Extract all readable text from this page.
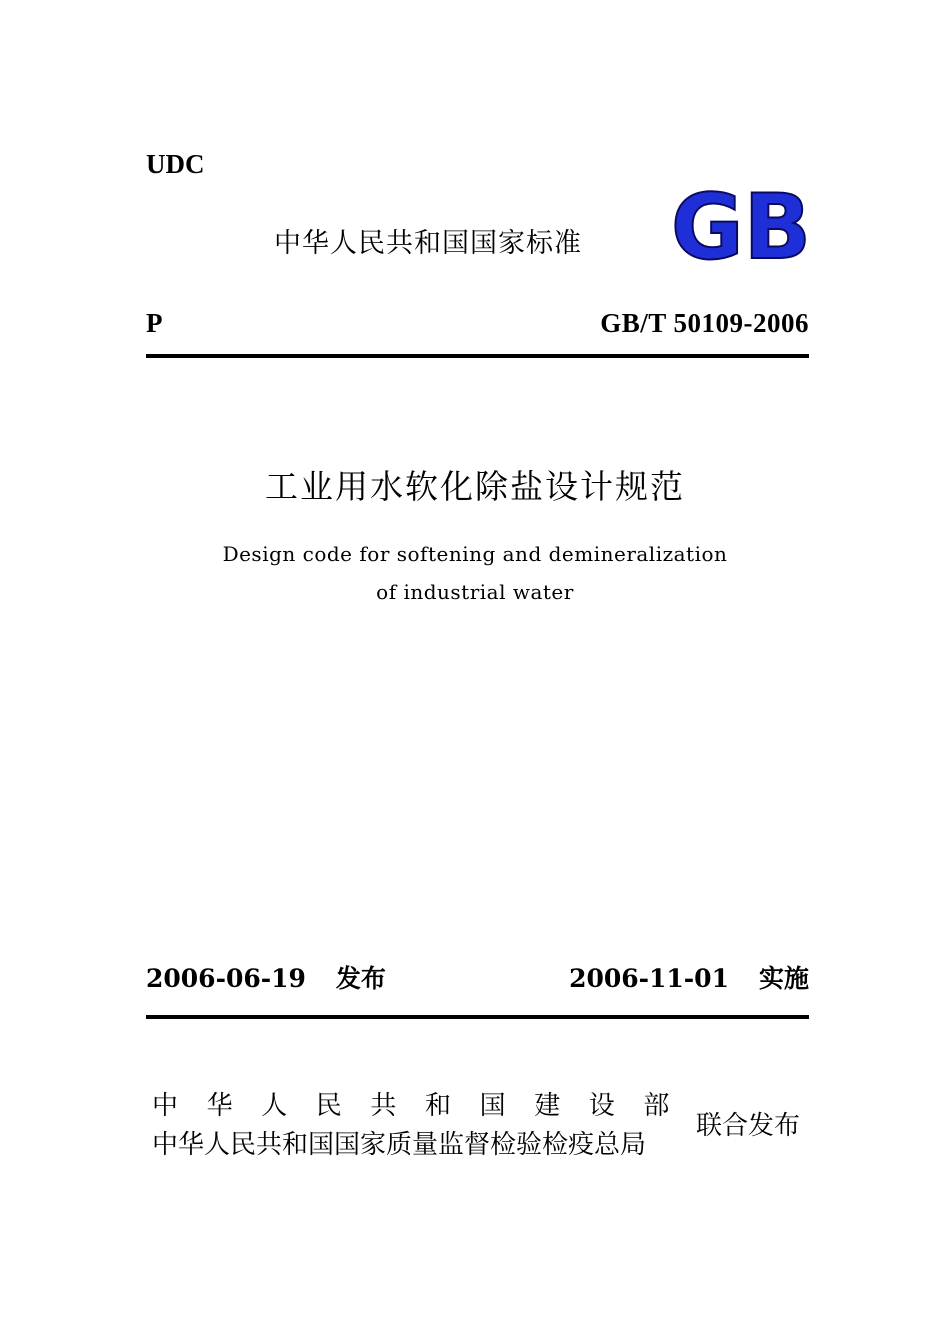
UDC
中华人民共和国国家标准 GB
P	GB/T 50109-2006
工业用水软化除盐设计规范
Design code for softening and demineralization
of industrial water
2006-06-19 发布	2006-11-01 实施
中华人民共和国建设部
中华人民共和国国家质量监督检验检疫总局
联合发布
